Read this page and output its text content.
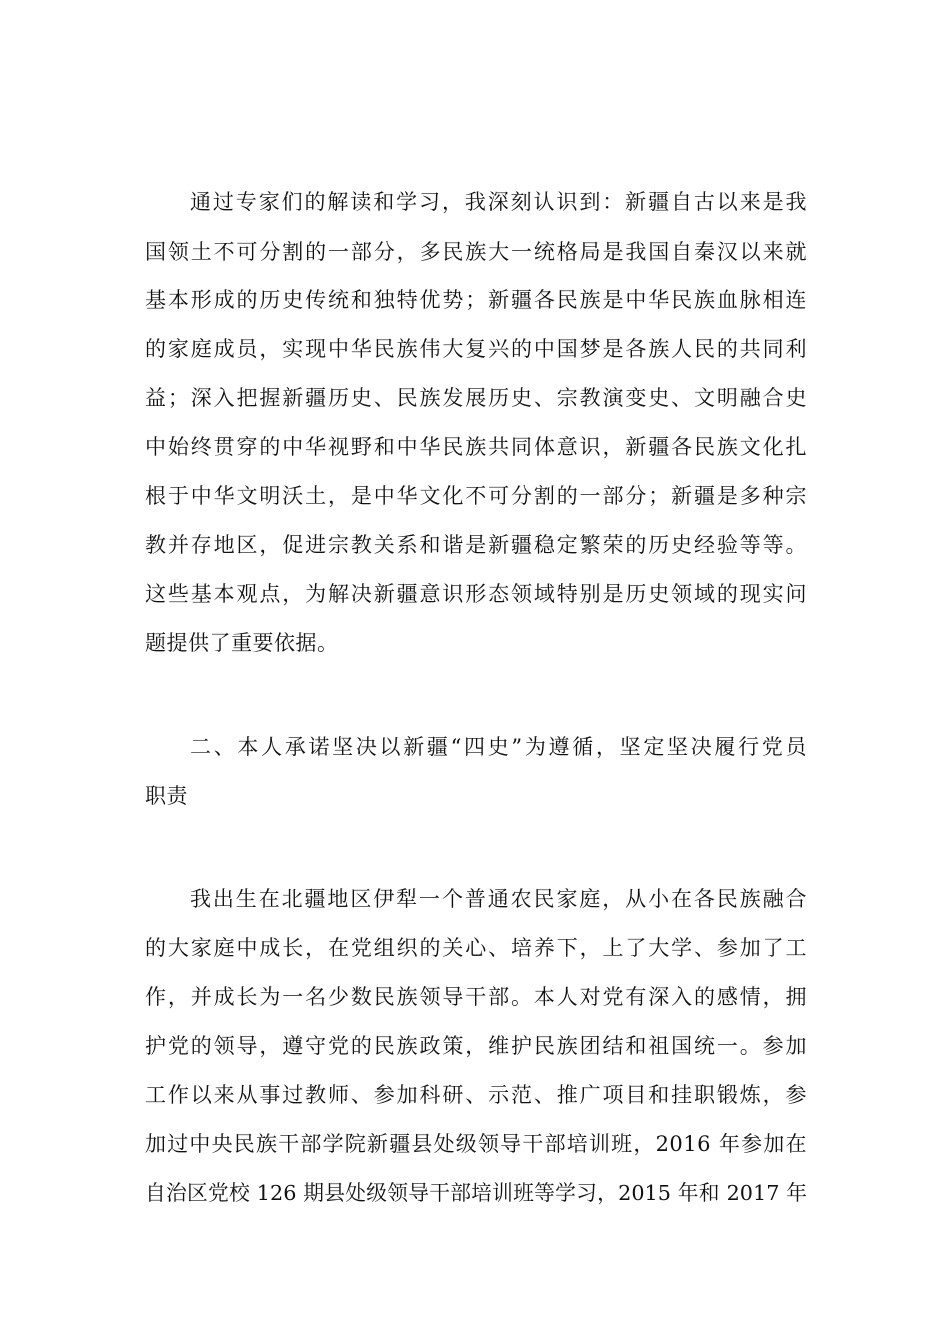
通过专家们的解读和学习，我深刻认识到：新疆自古以来是我
国领土不可分割的一部分，多民族大一统格局是我国自秦汉以来就
基本形成的历史传统和独特优势；新疆各民族是中华民族血脉相连
的家庭成员，实现中华民族伟大复兴的中国梦是各族人民的共同利
益；深入把握新疆历史、民族发展历史、宗教演变史、文明融合史
中始终贯穿的中华视野和中华民族共同体意识，新疆各民族文化扎
根于中华文明沃土，是中华文化不可分割的一部分；新疆是多种宗
教并存地区，促进宗教关系和谐是新疆稳定繁荣的历史经验等等。
这些基本观点，为解决新疆意识形态领域特别是历史领域的现实问
题提供了重要依据。
二、本人承诺坚决以新疆“四史”为遵循，坚定坚决履行党员
职责
我出生在北疆地区伊犁一个普通农民家庭，从小在各民族融合
的大家庭中成长，在党组织的关心、培养下，上了大学、参加了工
作，并成长为一名少数民族领导干部。本人对党有深入的感情，拥
护党的领导，遵守党的民族政策，维护民族团结和祖国统一。参加
工作以来从事过教师、参加科研、示范、推广项目和挂职锻炼，参
加过中央民族干部学院新疆县处级领导干部培训班，2016 年参加在
自治区党校 126 期县处级领导干部培训班等学习，2015 年和 2017 年
